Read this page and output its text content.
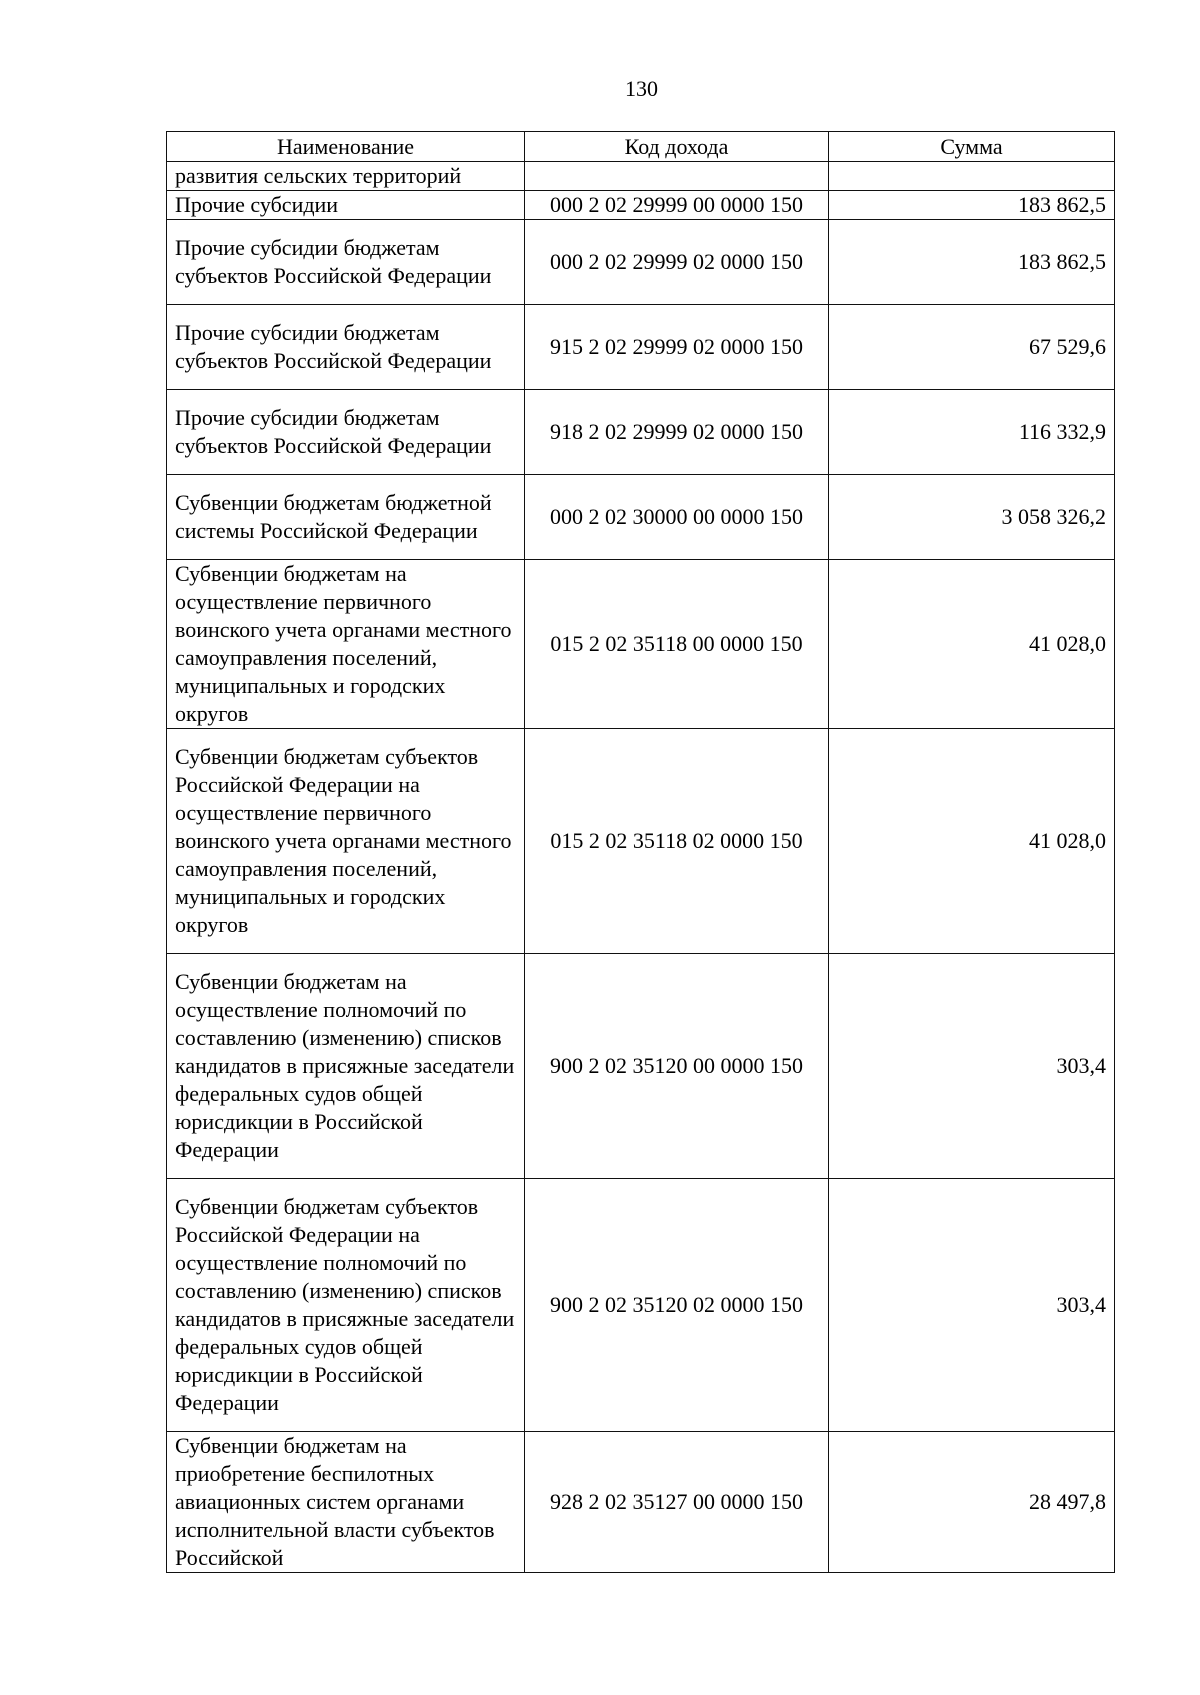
130
Наименование	Код дохода	Сумма
развития сельских территорий		
Прочие субсидии	000 2 02 29999 00 0000 150	183 862,5
Прочие субсидии бюджетам субъектов Российской Федерации	000 2 02 29999 02 0000 150	183 862,5
Прочие субсидии бюджетам субъектов Российской Федерации	915 2 02 29999 02 0000 150	67 529,6
Прочие субсидии бюджетам субъектов Российской Федерации	918 2 02 29999 02 0000 150	116 332,9
Субвенции бюджетам бюджетной системы Российской Федерации	000 2 02 30000 00 0000 150	3 058 326,2
Субвенции бюджетам на осуществление первичного воинского учета органами местного самоуправления поселений, муниципальных и городских округов	015 2 02 35118 00 0000 150	41 028,0
Субвенции бюджетам субъектов Российской Федерации на осуществление первичного воинского учета органами местного самоуправления поселений, муниципальных и городских округов	015 2 02 35118 02 0000 150	41 028,0
Субвенции бюджетам на осуществление полномочий по составлению (изменению) списков кандидатов в присяжные заседатели федеральных судов общей юрисдикции в Российской Федерации	900 2 02 35120 00 0000 150	303,4
Субвенции бюджетам субъектов Российской Федерации на осуществление полномочий по составлению (изменению) списков кандидатов в присяжные заседатели федеральных судов общей юрисдикции в Российской Федерации	900 2 02 35120 02 0000 150	303,4
Субвенции бюджетам на приобретение беспилотных авиационных систем органами исполнительной власти субъектов Российской	928 2 02 35127 00 0000 150	28 497,8
